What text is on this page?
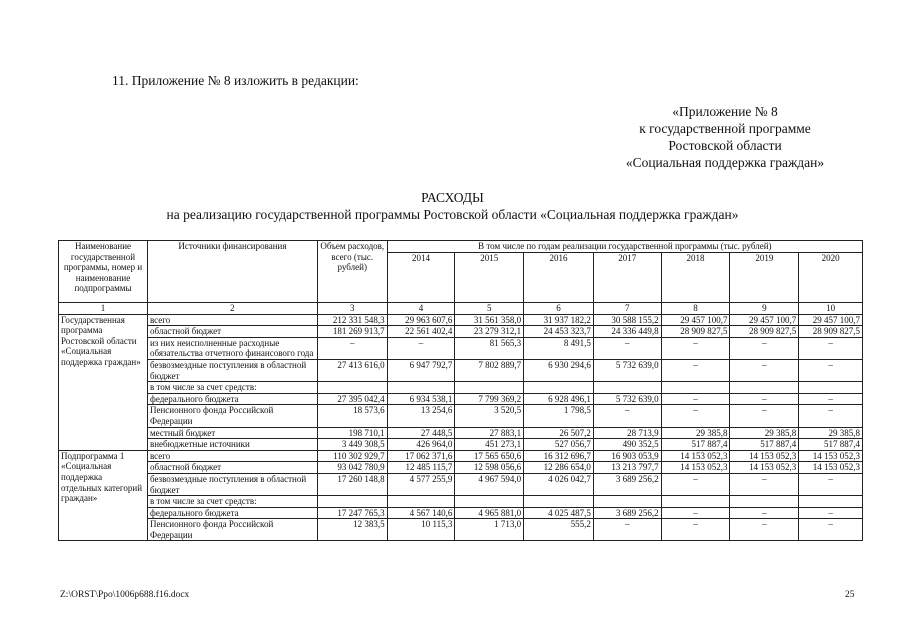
11. Приложение № 8 изложить в редакции:
«Приложение № 8
к государственной программе
Ростовской области
«Социальная поддержка граждан»
РАСХОДЫ
на реализацию государственной программы Ростовской области «Социальная поддержка граждан»
Наименование государственной программы, номер и наименование подпрограммы	Источники финансирования	Объем расходов, всего (тыс. рублей)	В том числе по годам реализации государственной программы (тыс. рублей)						
			2014	2015	2016	2017	2018	2019	2020
1	2	3	4	5	6	7	8	9	10
Государственная программа Ростовской области «Социальная поддержка граждан»	всего	212 331 548,3	29 963 607,6	31 561 358,0	31 937 182,2	30 588 155,2	29 457 100,7	29 457 100,7	29 457 100,7
	областной бюджет	181 269 913,7	22 561 402,4	23 279 312,1	24 453 323,7	24 336 449,8	28 909 827,5	28 909 827,5	28 909 827,5
	из них неисполненные расходные обязательства отчетного финансового года	–	–	81 565,3	8 491,5	–	–	–	–
	безвозмездные поступления в областной бюджет	27 413 616,0	6 947 792,7	7 802 889,7	6 930 294,6	5 732 639,0	–	–	–
	в том числе за счет средств:								
	федерального бюджета	27 395 042,4	6 934 538,1	7 799 369,2	6 928 496,1	5 732 639,0	–	–	–
	Пенсионного фонда Российской Федерации	18 573,6	13 254,6	3 520,5	1 798,5	–	–	–	–
	местный бюджет	198 710,1	27 448,5	27 883,1	26 507,2	28 713,9	29 385,8	29 385,8	29 385,8
	внебюджетные источники	3 449 308,5	426 964,0	451 273,1	527 056,7	490 352,5	517 887,4	517 887,4	517 887,4
Подпрограмма 1 «Социальная поддержка отдельных категорий граждан»	всего	110 302 929,7	17 062 371,6	17 565 650,6	16 312 696,7	16 903 053,9	14 153 052,3	14 153 052,3	14 153 052,3
	областной бюджет	93 042 780,9	12 485 115,7	12 598 056,6	12 286 654,0	13 213 797,7	14 153 052,3	14 153 052,3	14 153 052,3
	безвозмездные поступления в областной бюджет	17 260 148,8	4 577 255,9	4 967 594,0	4 026 042,7	3 689 256,2	–	–	–
	в том числе за счет средств:								
	федерального бюджета	17 247 765,3	4 567 140,6	4 965 881,0	4 025 487,5	3 689 256,2	–	–	–
	Пенсионного фонда Российской Федерации	12 383,5	10 115,3	1 713,0	555,2	–	–	–	–
Z:\ORST\Ppo\1006p688.f16.docx	25
